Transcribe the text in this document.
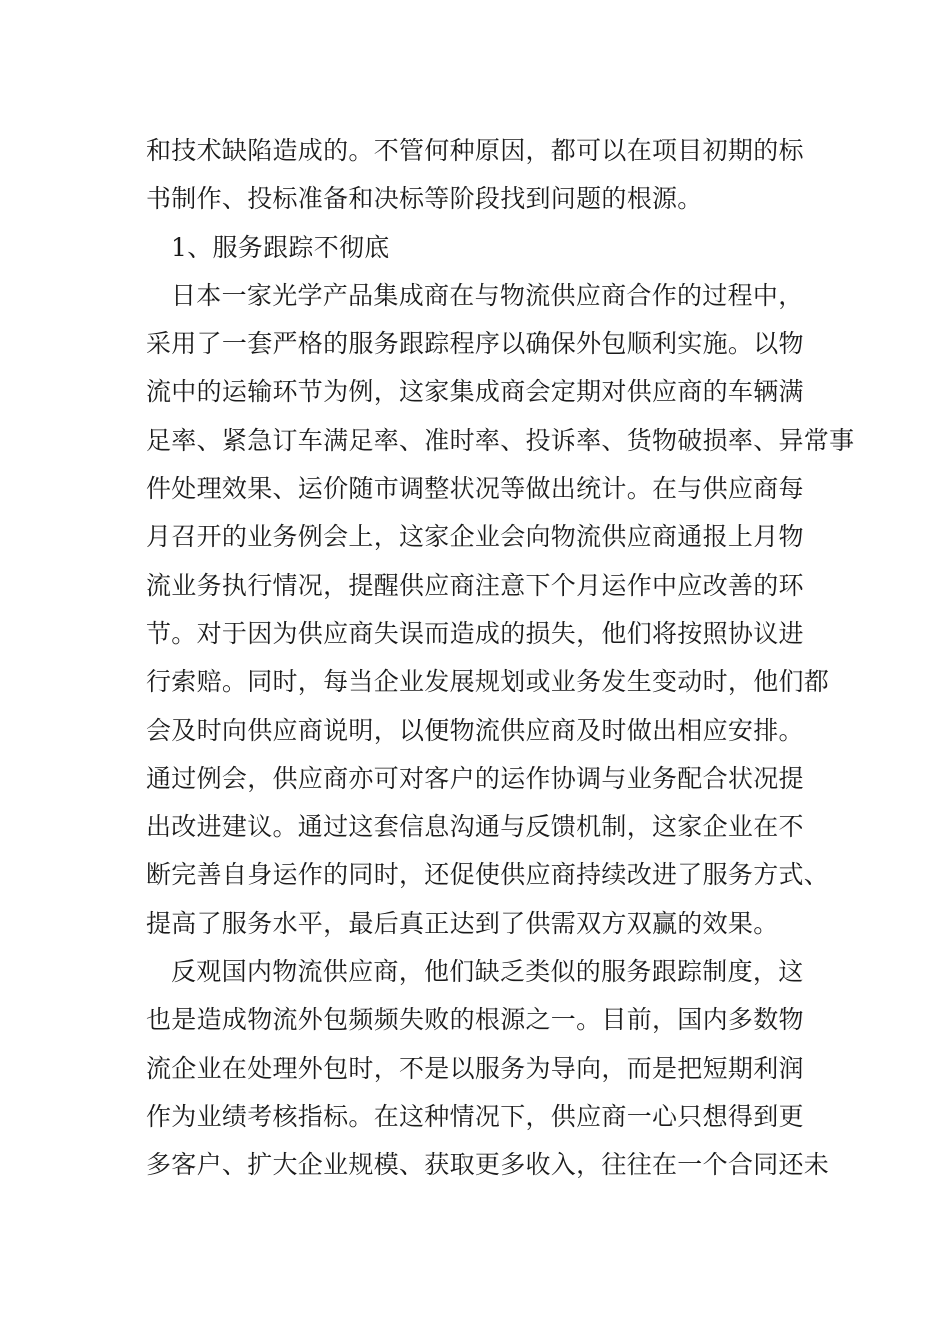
和技术缺陷造成的。不管何种原因，都可以在项目初期的标
书制作、投标准备和决标等阶段找到问题的根源。
1、服务跟踪不彻底
日本一家光学产品集成商在与物流供应商合作的过程中，
采用了一套严格的服务跟踪程序以确保外包顺利实施。以物
流中的运输环节为例，这家集成商会定期对供应商的车辆满
足率、紧急订车满足率、准时率、投诉率、货物破损率、异常事
件处理效果、运价随市调整状况等做出统计。在与供应商每
月召开的业务例会上，这家企业会向物流供应商通报上月物
流业务执行情况，提醒供应商注意下个月运作中应改善的环
节。对于因为供应商失误而造成的损失，他们将按照协议进
行索赔。同时，每当企业发展规划或业务发生变动时，他们都
会及时向供应商说明，以便物流供应商及时做出相应安排。
通过例会，供应商亦可对客户的运作协调与业务配合状况提
出改进建议。通过这套信息沟通与反馈机制，这家企业在不
断完善自身运作的同时，还促使供应商持续改进了服务方式、
提高了服务水平，最后真正达到了供需双方双赢的效果。
反观国内物流供应商，他们缺乏类似的服务跟踪制度，这
也是造成物流外包频频失败的根源之一。目前，国内多数物
流企业在处理外包时，不是以服务为导向，而是把短期利润
作为业绩考核指标。在这种情况下，供应商一心只想得到更
多客户、扩大企业规模、获取更多收入，往往在一个合同还未
